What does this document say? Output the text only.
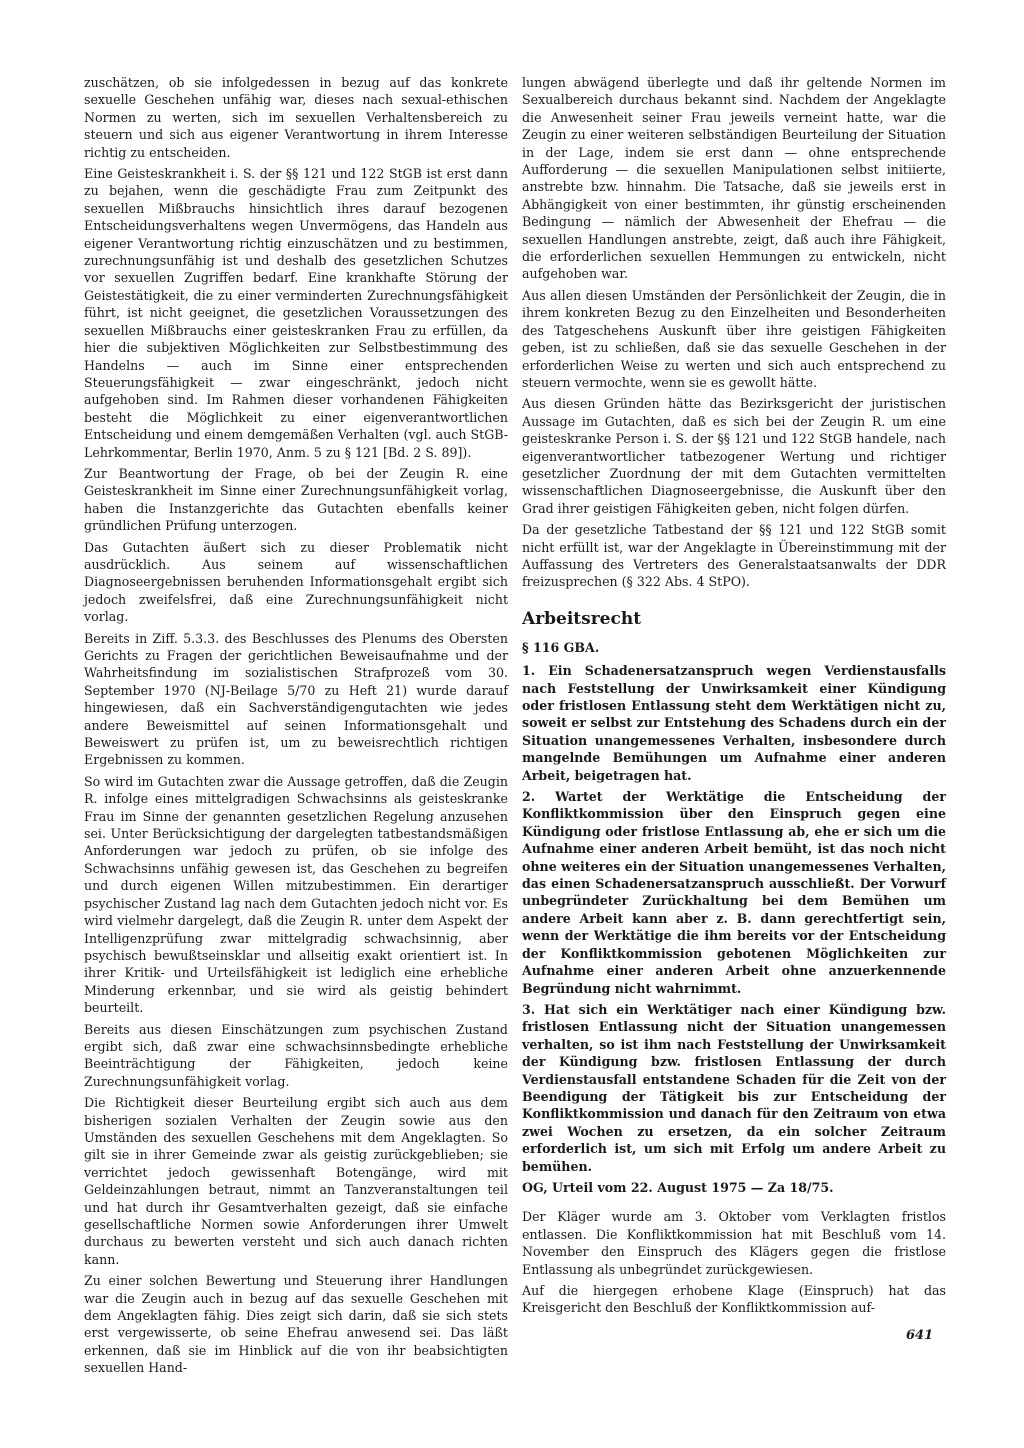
zuschätzen, ob sie infolgedessen in bezug auf das konkrete sexuelle Geschehen unfähig war, dieses nach sexual-ethischen Normen zu werten, sich im sexuellen Verhaltensbereich zu steuern und sich aus eigener Verantwortung in ihrem Interesse richtig zu entscheiden.

Eine Geisteskrankheit i. S. der §§ 121 und 122 StGB ist erst dann zu bejahen, wenn die geschädigte Frau zum Zeitpunkt des sexuellen Mißbrauchs hinsichtlich ihres darauf bezogenen Entscheidungsverhaltens wegen Unvermögens, das Handeln aus eigener Verantwortung richtig einzuschätzen und zu bestimmen, zurechnungsunfähig ist und deshalb des gesetzlichen Schutzes vor sexuellen Zugriffen bedarf. Eine krankhafte Störung der Geistestätigkeit, die zu einer verminderten Zurechnungsfähigkeit führt, ist nicht geeignet, die gesetzlichen Voraussetzungen des sexuellen Mißbrauchs einer geisteskranken Frau zu erfüllen, da hier die subjektiven Möglichkeiten zur Selbstbestimmung des Handelns — auch im Sinne einer entsprechenden Steuerungsfähigkeit — zwar eingeschränkt, jedoch nicht aufgehoben sind. Im Rahmen dieser vorhandenen Fähigkeiten besteht die Möglichkeit zu einer eigenverantwortlichen Entscheidung und einem demgemäßen Verhalten (vgl. auch StGB-Lehrkommentar, Berlin 1970, Anm. 5 zu § 121 [Bd. 2 S. 89]).

Zur Beantwortung der Frage, ob bei der Zeugin R. eine Geisteskrankheit im Sinne einer Zurechnungsunfähigkeit vorlag, haben die Instanzgerichte das Gutachten ebenfalls keiner gründlichen Prüfung unterzogen.

Das Gutachten äußert sich zu dieser Problematik nicht ausdrücklich. Aus seinem auf wissenschaftlichen Diagnoseergebnissen beruhenden Informationsgehalt ergibt sich jedoch zweifelsfrei, daß eine Zurechnungsunfähigkeit nicht vorlag.

Bereits in Ziff. 5.3.3. des Beschlusses des Plenums des Obersten Gerichts zu Fragen der gerichtlichen Beweisaufnahme und der Wahrheitsfindung im sozialistischen Strafprozeß vom 30. September 1970 (NJ-Beilage 5/70 zu Heft 21) wurde darauf hingewiesen, daß ein Sachverständigengutachten wie jedes andere Beweismittel auf seinen Informationsgehalt und Beweiswert zu prüfen ist, um zu beweisrechtlich richtigen Ergebnissen zu kommen.

So wird im Gutachten zwar die Aussage getroffen, daß die Zeugin R. infolge eines mittelgradigen Schwachsinns als geisteskranke Frau im Sinne der genannten gesetzlichen Regelung anzusehen sei. Unter Berücksichtigung der dargelegten tatbestandsmäßigen Anforderungen war jedoch zu prüfen, ob sie infolge des Schwachsinns unfähig gewesen ist, das Geschehen zu begreifen und durch eigenen Willen mitzubestimmen. Ein derartiger psychischer Zustand lag nach dem Gutachten jedoch nicht vor. Es wird vielmehr dargelegt, daß die Zeugin R. unter dem Aspekt der Intelligenzprüfung zwar mittelgradig schwachsinnig, aber psychisch bewußtseinsklar und allseitig exakt orientiert ist. In ihrer Kritik- und Urteilsfähigkeit ist lediglich eine erhebliche Minderung erkennbar, und sie wird als geistig behindert beurteilt.

Bereits aus diesen Einschätzungen zum psychischen Zustand ergibt sich, daß zwar eine schwachsinnsbedingte erhebliche Beeinträchtigung der Fähigkeiten, jedoch keine Zurechnungsunfähigkeit vorlag.

Die Richtigkeit dieser Beurteilung ergibt sich auch aus dem bisherigen sozialen Verhalten der Zeugin sowie aus den Umständen des sexuellen Geschehens mit dem Angeklagten. So gilt sie in ihrer Gemeinde zwar als geistig zurückgeblieben; sie verrichtet jedoch gewissenhaft Botengänge, wird mit Geldeinzahlungen betraut, nimmt an Tanzveranstaltungen teil und hat durch ihr Gesamtverhalten gezeigt, daß sie einfache gesellschaftliche Normen sowie Anforderungen ihrer Umwelt durchaus zu bewerten versteht und sich auch danach richten kann.

Zu einer solchen Bewertung und Steuerung ihrer Handlungen war die Zeugin auch in bezug auf das sexuelle Geschehen mit dem Angeklagten fähig. Dies zeigt sich darin, daß sie sich stets erst vergewisserte, ob seine Ehefrau anwesend sei. Das läßt erkennen, daß sie im Hinblick auf die von ihr beabsichtigten sexuellen Hand-

lungen abwägend überlegte und daß ihr geltende Normen im Sexualbereich durchaus bekannt sind. Nachdem der Angeklagte die Anwesenheit seiner Frau jeweils verneint hatte, war die Zeugin zu einer weiteren selbständigen Beurteilung der Situation in der Lage, indem sie erst dann — ohne entsprechende Aufforderung — die sexuellen Manipulationen selbst initiierte, anstrebte bzw. hinnahm. Die Tatsache, daß sie jeweils erst in Abhängigkeit von einer bestimmten, ihr günstig erscheinenden Bedingung — nämlich der Abwesenheit der Ehefrau — die sexuellen Handlungen anstrebte, zeigt, daß auch ihre Fähigkeit, die erforderlichen sexuellen Hemmungen zu entwickeln, nicht aufgehoben war.

Aus allen diesen Umständen der Persönlichkeit der Zeugin, die in ihrem konkreten Bezug zu den Einzelheiten und Besonderheiten des Tatgeschehens Auskunft über ihre geistigen Fähigkeiten geben, ist zu schließen, daß sie das sexuelle Geschehen in der erforderlichen Weise zu werten und sich auch entsprechend zu steuern vermochte, wenn sie es gewollt hätte.

Aus diesen Gründen hätte das Bezirksgericht der juristischen Aussage im Gutachten, daß es sich bei der Zeugin R. um eine geisteskranke Person i. S. der §§ 121 und 122 StGB handele, nach eigenverantwortlicher tatbezogener Wertung und richtiger gesetzlicher Zuordnung der mit dem Gutachten vermittelten wissenschaftlichen Diagnoseergebnisse, die Auskunft über den Grad ihrer geistigen Fähigkeiten geben, nicht folgen dürfen.

Da der gesetzliche Tatbestand der §§ 121 und 122 StGB somit nicht erfüllt ist, war der Angeklagte in Übereinstimmung mit der Auffassung des Vertreters des Generalstaatsanwalts der DDR freizusprechen (§ 322 Abs. 4 StPO).

Arbeitsrecht

§ 116 GBA.

1. Ein Schadenersatzanspruch wegen Verdienstausfalls nach Feststellung der Unwirksamkeit einer Kündigung oder fristlosen Entlassung steht dem Werktätigen nicht zu, soweit er selbst zur Entstehung des Schadens durch ein der Situation unangemessenes Verhalten, insbesondere durch mangelnde Bemühungen um Aufnahme einer anderen Arbeit, beigetragen hat.

2. Wartet der Werktätige die Entscheidung der Konfliktkommission über den Einspruch gegen eine Kündigung oder fristlose Entlassung ab, ehe er sich um die Aufnahme einer anderen Arbeit bemüht, ist das noch nicht ohne weiteres ein der Situation unangemessenes Verhalten, das einen Schadenersatzanspruch ausschließt. Der Vorwurf unbegründeter Zurückhaltung bei dem Bemühen um andere Arbeit kann aber z. B. dann gerechtfertigt sein, wenn der Werktätige die ihm bereits vor der Entscheidung der Konfliktkommission gebotenen Möglichkeiten zur Aufnahme einer anderen Arbeit ohne anzuerkennende Begründung nicht wahrnimmt.

3. Hat sich ein Werktätiger nach einer Kündigung bzw. fristlosen Entlassung nicht der Situation unangemessen verhalten, so ist ihm nach Feststellung der Unwirksamkeit der Kündigung bzw. fristlosen Entlassung der durch Verdienstausfall entstandene Schaden für die Zeit von der Beendigung der Tätigkeit bis zur Entscheidung der Konfliktkommission und danach für den Zeitraum von etwa zwei Wochen zu ersetzen, da ein solcher Zeitraum erforderlich ist, um sich mit Erfolg um andere Arbeit zu bemühen.

OG, Urteil vom 22. August 1975 — Za 18/75.

Der Kläger wurde am 3. Oktober vom Verklagten fristlos entlassen. Die Konfliktkommission hat mit Beschluß vom 14. November den Einspruch des Klägers gegen die fristlose Entlassung als unbegründet zurückgewiesen.

Auf die hiergegen erhobene Klage (Einspruch) hat das Kreisgericht den Beschluß der Konfliktkommission auf-

641
